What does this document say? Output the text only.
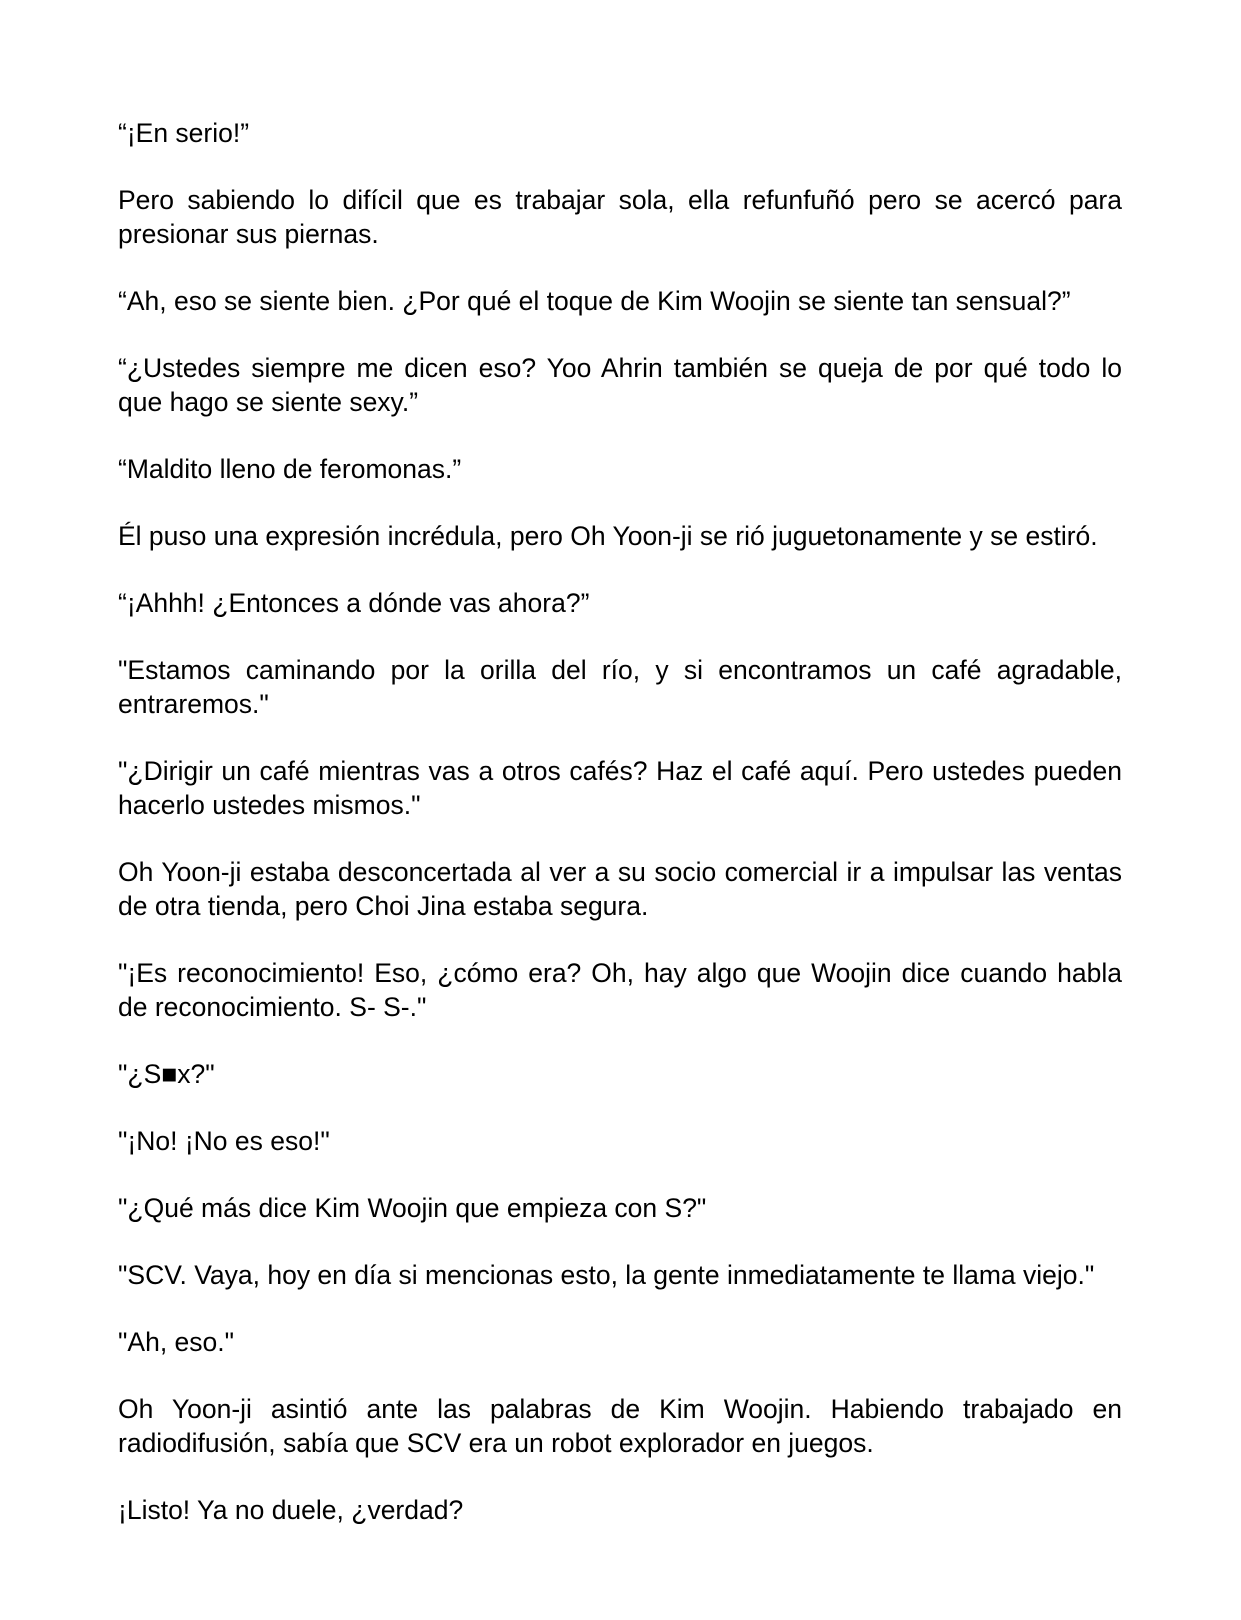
“¡En serio!”

Pero sabiendo lo difícil que es trabajar sola, ella refunfuñó pero se acercó para presionar sus piernas.

“Ah, eso se siente bien. ¿Por qué el toque de Kim Woojin se siente tan sensual?”

“¿Ustedes siempre me dicen eso? Yoo Ahrin también se queja de por qué todo lo que hago se siente sexy.”

“Maldito lleno de feromonas.”

Él puso una expresión incrédula, pero Oh Yoon-ji se rió juguetonamente y se estiró.

“¡Ahhh! ¿Entonces a dónde vas ahora?”

"Estamos caminando por la orilla del río, y si encontramos un café agradable, entraremos."

"¿Dirigir un café mientras vas a otros cafés? Haz el café aquí. Pero ustedes pueden hacerlo ustedes mismos."

Oh Yoon-ji estaba desconcertada al ver a su socio comercial ir a impulsar las ventas de otra tienda, pero Choi Jina estaba segura.

"¡Es reconocimiento! Eso, ¿cómo era? Oh, hay algo que Woojin dice cuando habla de reconocimiento. S- S-."

"¿S■x?"

"¡No! ¡No es eso!"

"¿Qué más dice Kim Woojin que empieza con S?"

"SCV. Vaya, hoy en día si mencionas esto, la gente inmediatamente te llama viejo."

"Ah, eso."

Oh Yoon-ji asintió ante las palabras de Kim Woojin. Habiendo trabajado en radiodifusión, sabía que SCV era un robot explorador en juegos.

¡Listo! Ya no duele, ¿verdad?
